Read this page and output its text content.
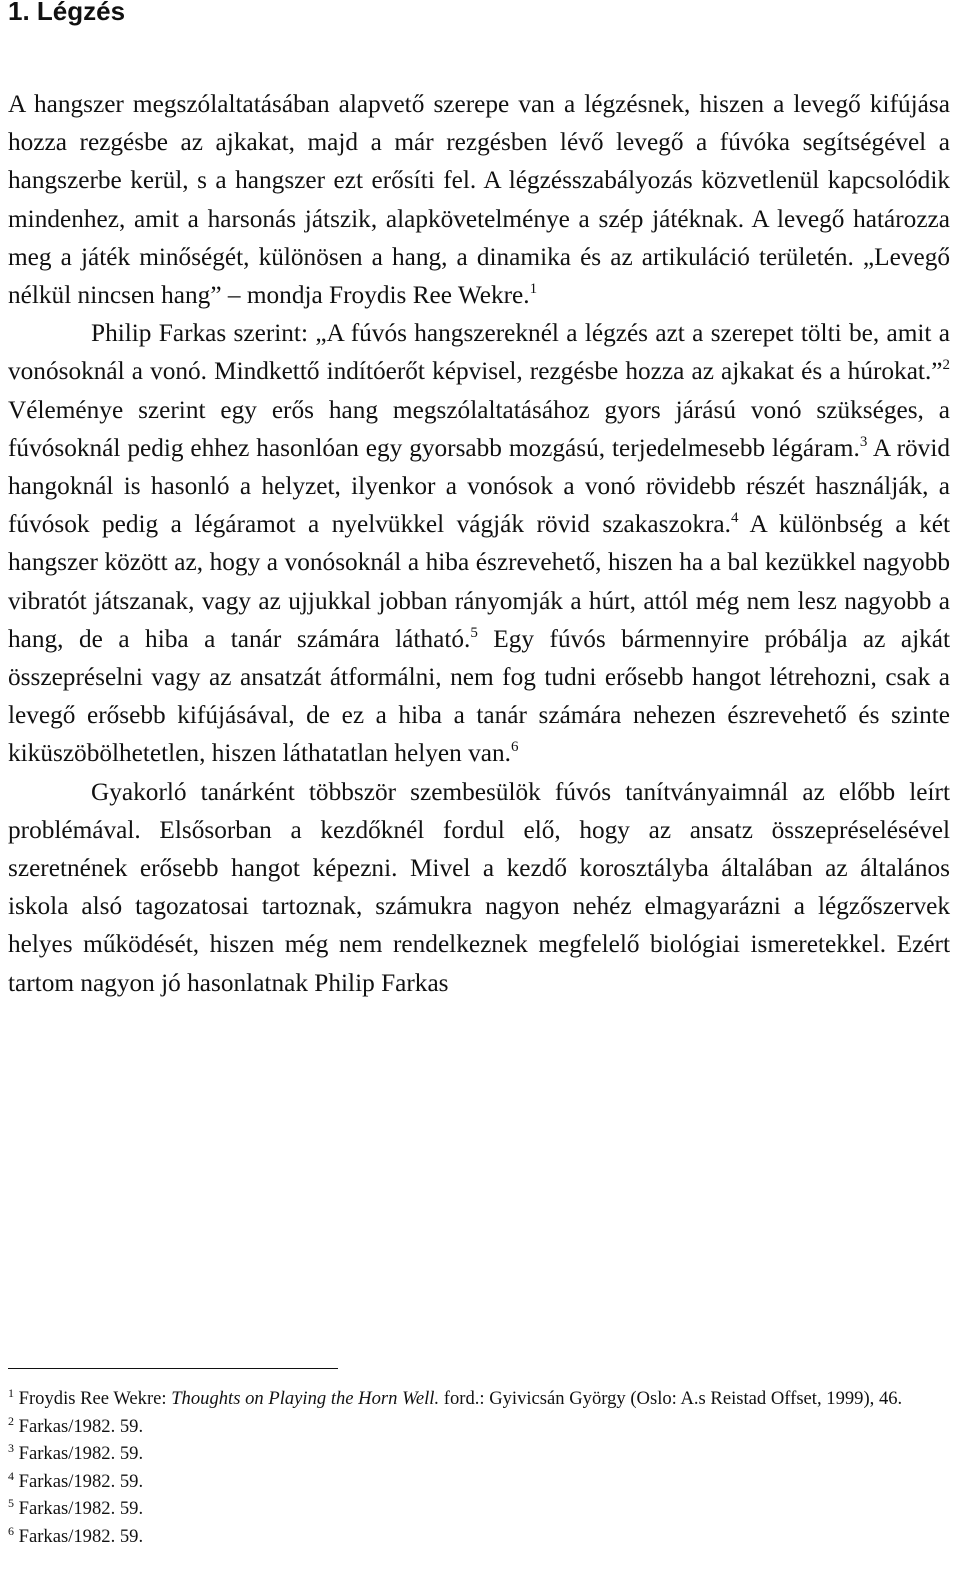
1. Légzés

A hangszer megszólaltatásában alapvető szerepe van a légzésnek, hiszen a levegő kifújása hozza rezgésbe az ajkakat, majd a már rezgésben lévő levegő a fúvóka segítségével a hangszerbe kerül, s a hangszer ezt erősíti fel. A légzésszabályozás közvetlenül kapcsolódik mindenhez, amit a harsonás játszik, alapkövetelménye a szép játéknak. A levegő határozza meg a játék minőségét, különösen a hang, a dinamika és az artikuláció területén. „Levegő nélkül nincsen hang” – mondja Froydis Ree Wekre.$^1$

Philip Farkas szerint: „A fúvós hangszereknél a légzés azt a szerepet tölti be, amit a vonósoknál a vonó. Mindkettő indítóerőt képvisel, rezgésbe hozza az ajkakat és a húrokat.”$^2$ Véleménye szerint egy erős hang megszólaltatásához gyors járású vonó szükséges, a fúvósoknál pedig ehhez hasonlóan egy gyorsabb mozgású, terjedelmesebb légáram.$^3$ A rövid hangoknál is hasonló a helyzet, ilyenkor a vonósok a vonó rövidebb részét használják, a fúvósok pedig a légáramot a nyelvükkel vágják rövid szakaszokra.$^4$ A különbség a két hangszer között az, hogy a vonósoknál a hiba észrevehető, hiszen ha a bal kezükkel nagyobb vibratót játszanak, vagy az ujjukkal jobban rányomják a húrt, attól még nem lesz nagyobb a hang, de a hiba a tanár számára látható.$^5$ Egy fúvós bármennyire próbálja az ajkát összepréselni vagy az ansatzát átformálni, nem fog tudni erősebb hangot létrehozni, csak a levegő erősebb kifújásával, de ez a hiba a tanár számára nehezen észrevehető és szinte kiküszöbölhetetlen, hiszen láthatatlan helyen van.$^6$

Gyakorló tanárként többször szembesülök fúvós tanítványaimnál az előbb leírt problémával. Elsősorban a kezdőknél fordul elő, hogy az ansatz összepréselésével szeretnének erősebb hangot képezni. Mivel a kezdő korosztályba általában az általános iskola alsó tagozatosai tartoznak, számukra nagyon nehéz elmagyarázni a légzőszervek helyes működését, hiszen még nem rendelkeznek megfelelő biológiai ismeretekkel. Ezért tartom nagyon jó hasonlatnak Philip Farkas

$^1$ Froydis Ree Wekre: Thoughts on Playing the Horn Well. ford.: Gyivicsán György (Oslo: A.s Reistad Offset, 1999), 46.
$^2$ Farkas/1982. 59.
$^3$ Farkas/1982. 59.
$^4$ Farkas/1982. 59.
$^5$ Farkas/1982. 59.
$^6$ Farkas/1982. 59.
